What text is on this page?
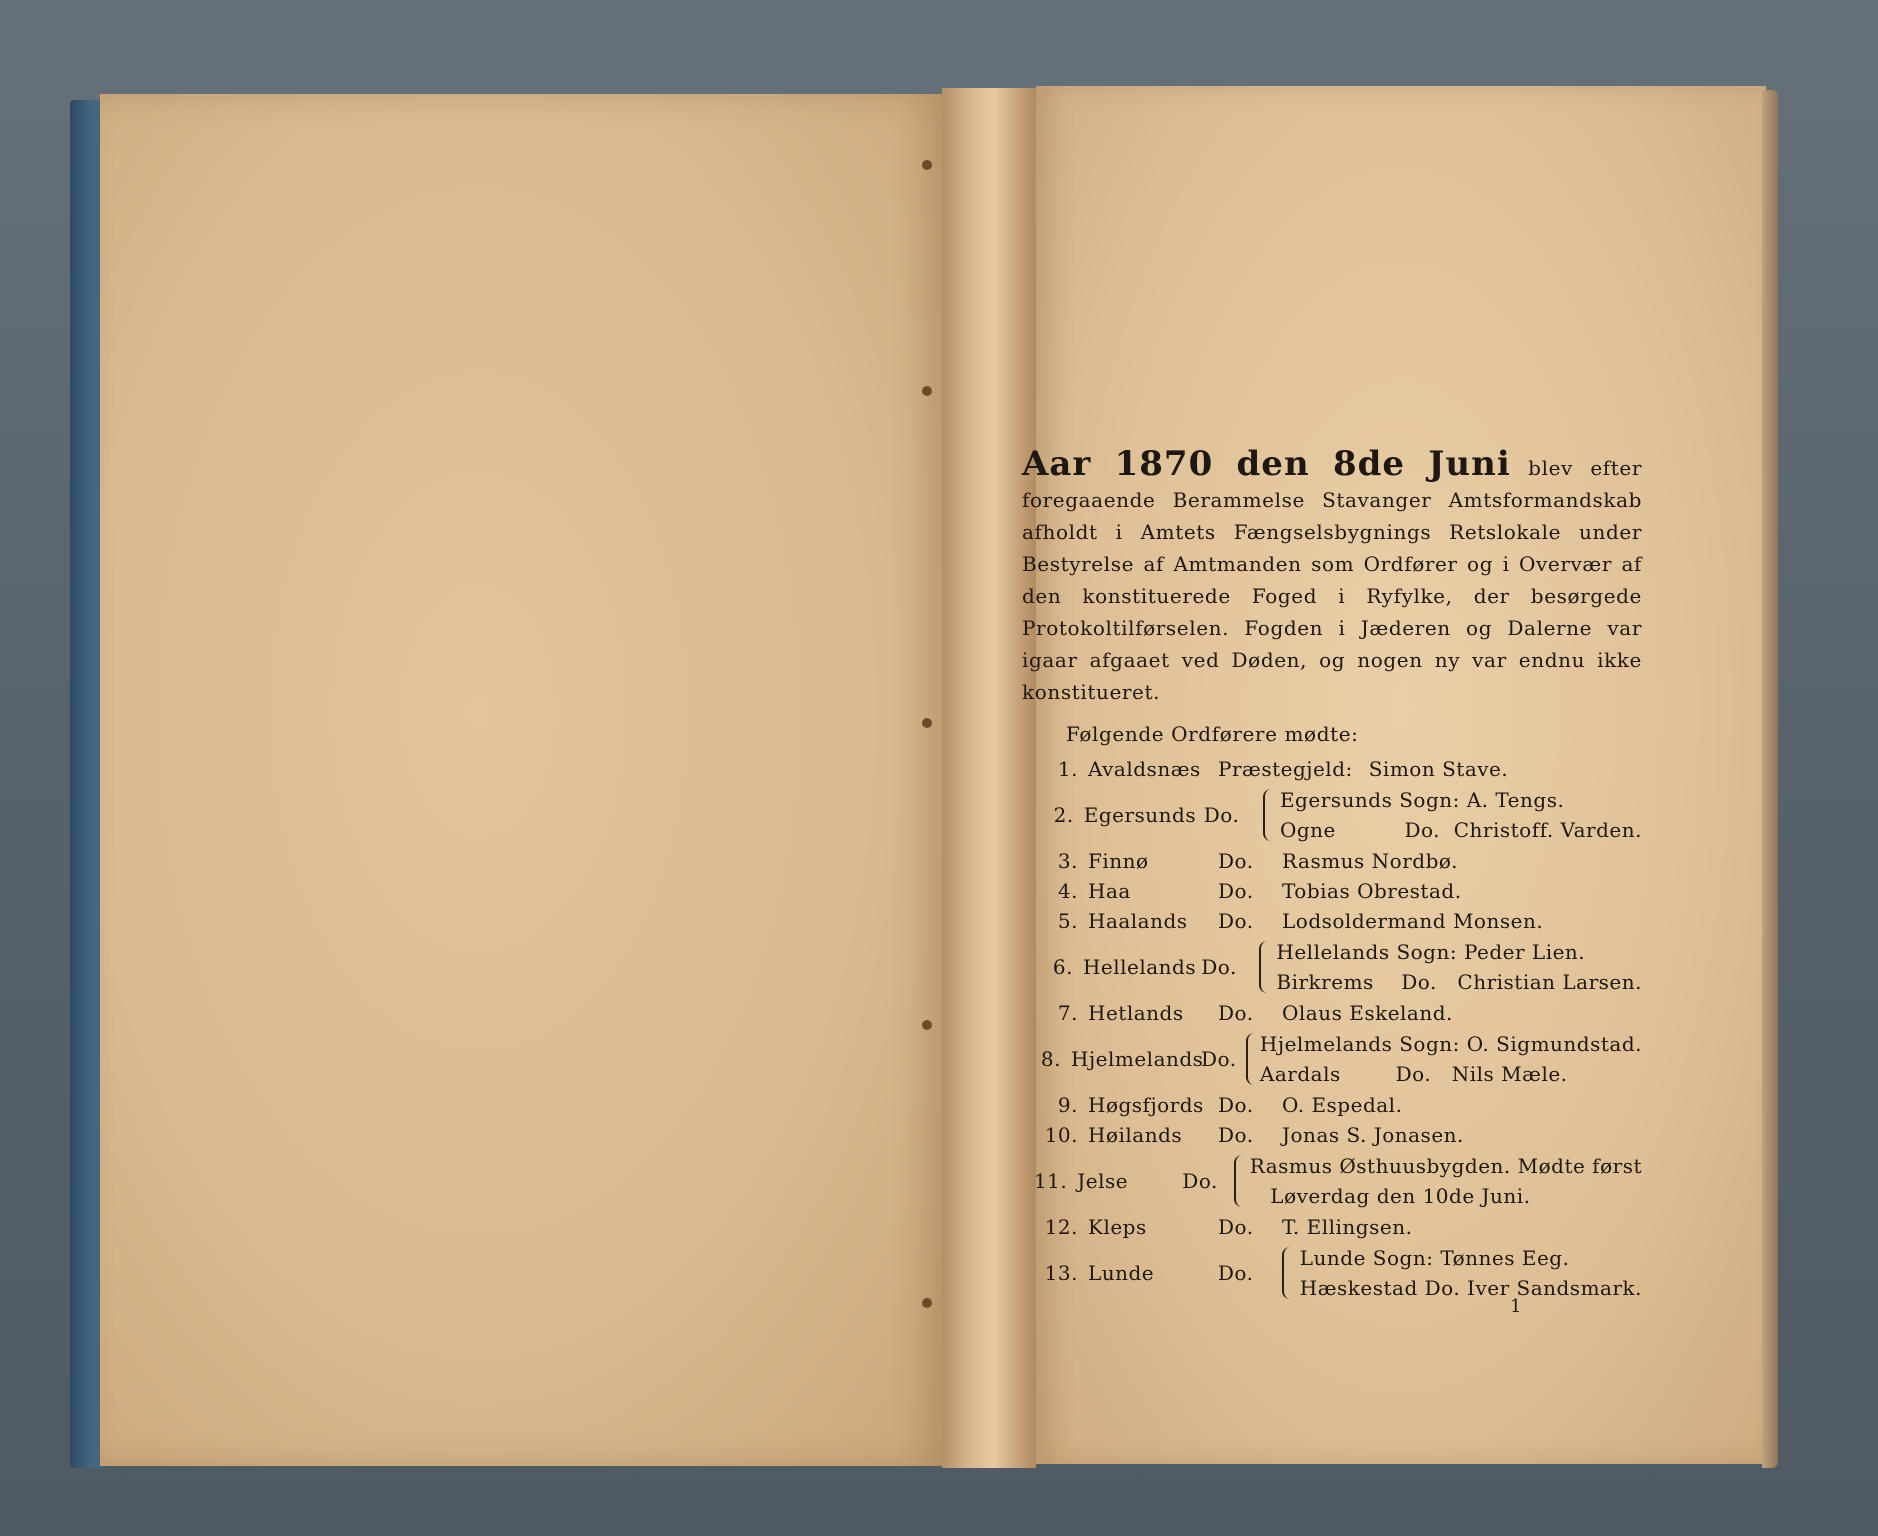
Aar 1870 den 8de Juni blev efter foregaaende Berammelse Stavanger Amtsformandskab afholdt i Amtets Fængselsbygnings Retslokale under Bestyrelse af Amtmanden som Ordfører og i Overvær af den konstituerede Foged i Ryfylke, der besørgede Protokoltilførselen. Fogden i Jæderen og Dalerne var igaar afgaaet ved Døden, og nogen ny var endnu ikke konstitueret.

Følgende Ordførere mødte:
1. Avaldsnæs Præstegjeld: Simon Stave.
2. Egersunds Do.
Egersunds Sogn: A. Tengs.
Ogne          Do.  Christoff. Varden.
3. Finnø	Do.	Rasmus Nordbø.
4. Haa	Do.	Tobias Obrestad.
5. Haalands	Do.	Lodsoldermand Monsen.
6. Hellelands Do.
Hellelands Sogn: Peder Lien.
Birkrems    Do.   Christian Larsen.
7. Hetlands	Do.	Olaus Eskeland.
8. Hjelmelands
Do.
Hjelmelands Sogn: O. Sigmundstad.
Aardals        Do.   Nils Mæle.
9. Høgsfjords Do.	O. Espedal.
10. Høilands	Do.	Jonas S. Jonasen.
11. Jelse	Do.
Rasmus Østhuusbygden. Mødte først
Løverdag den 10de Juni.
12. Kleps	Do.	T. Ellingsen.
13. Lunde	Do.
Lunde Sogn: Tønnes Eeg.
Hæskestad Do. Iver Sandsmark.
1
